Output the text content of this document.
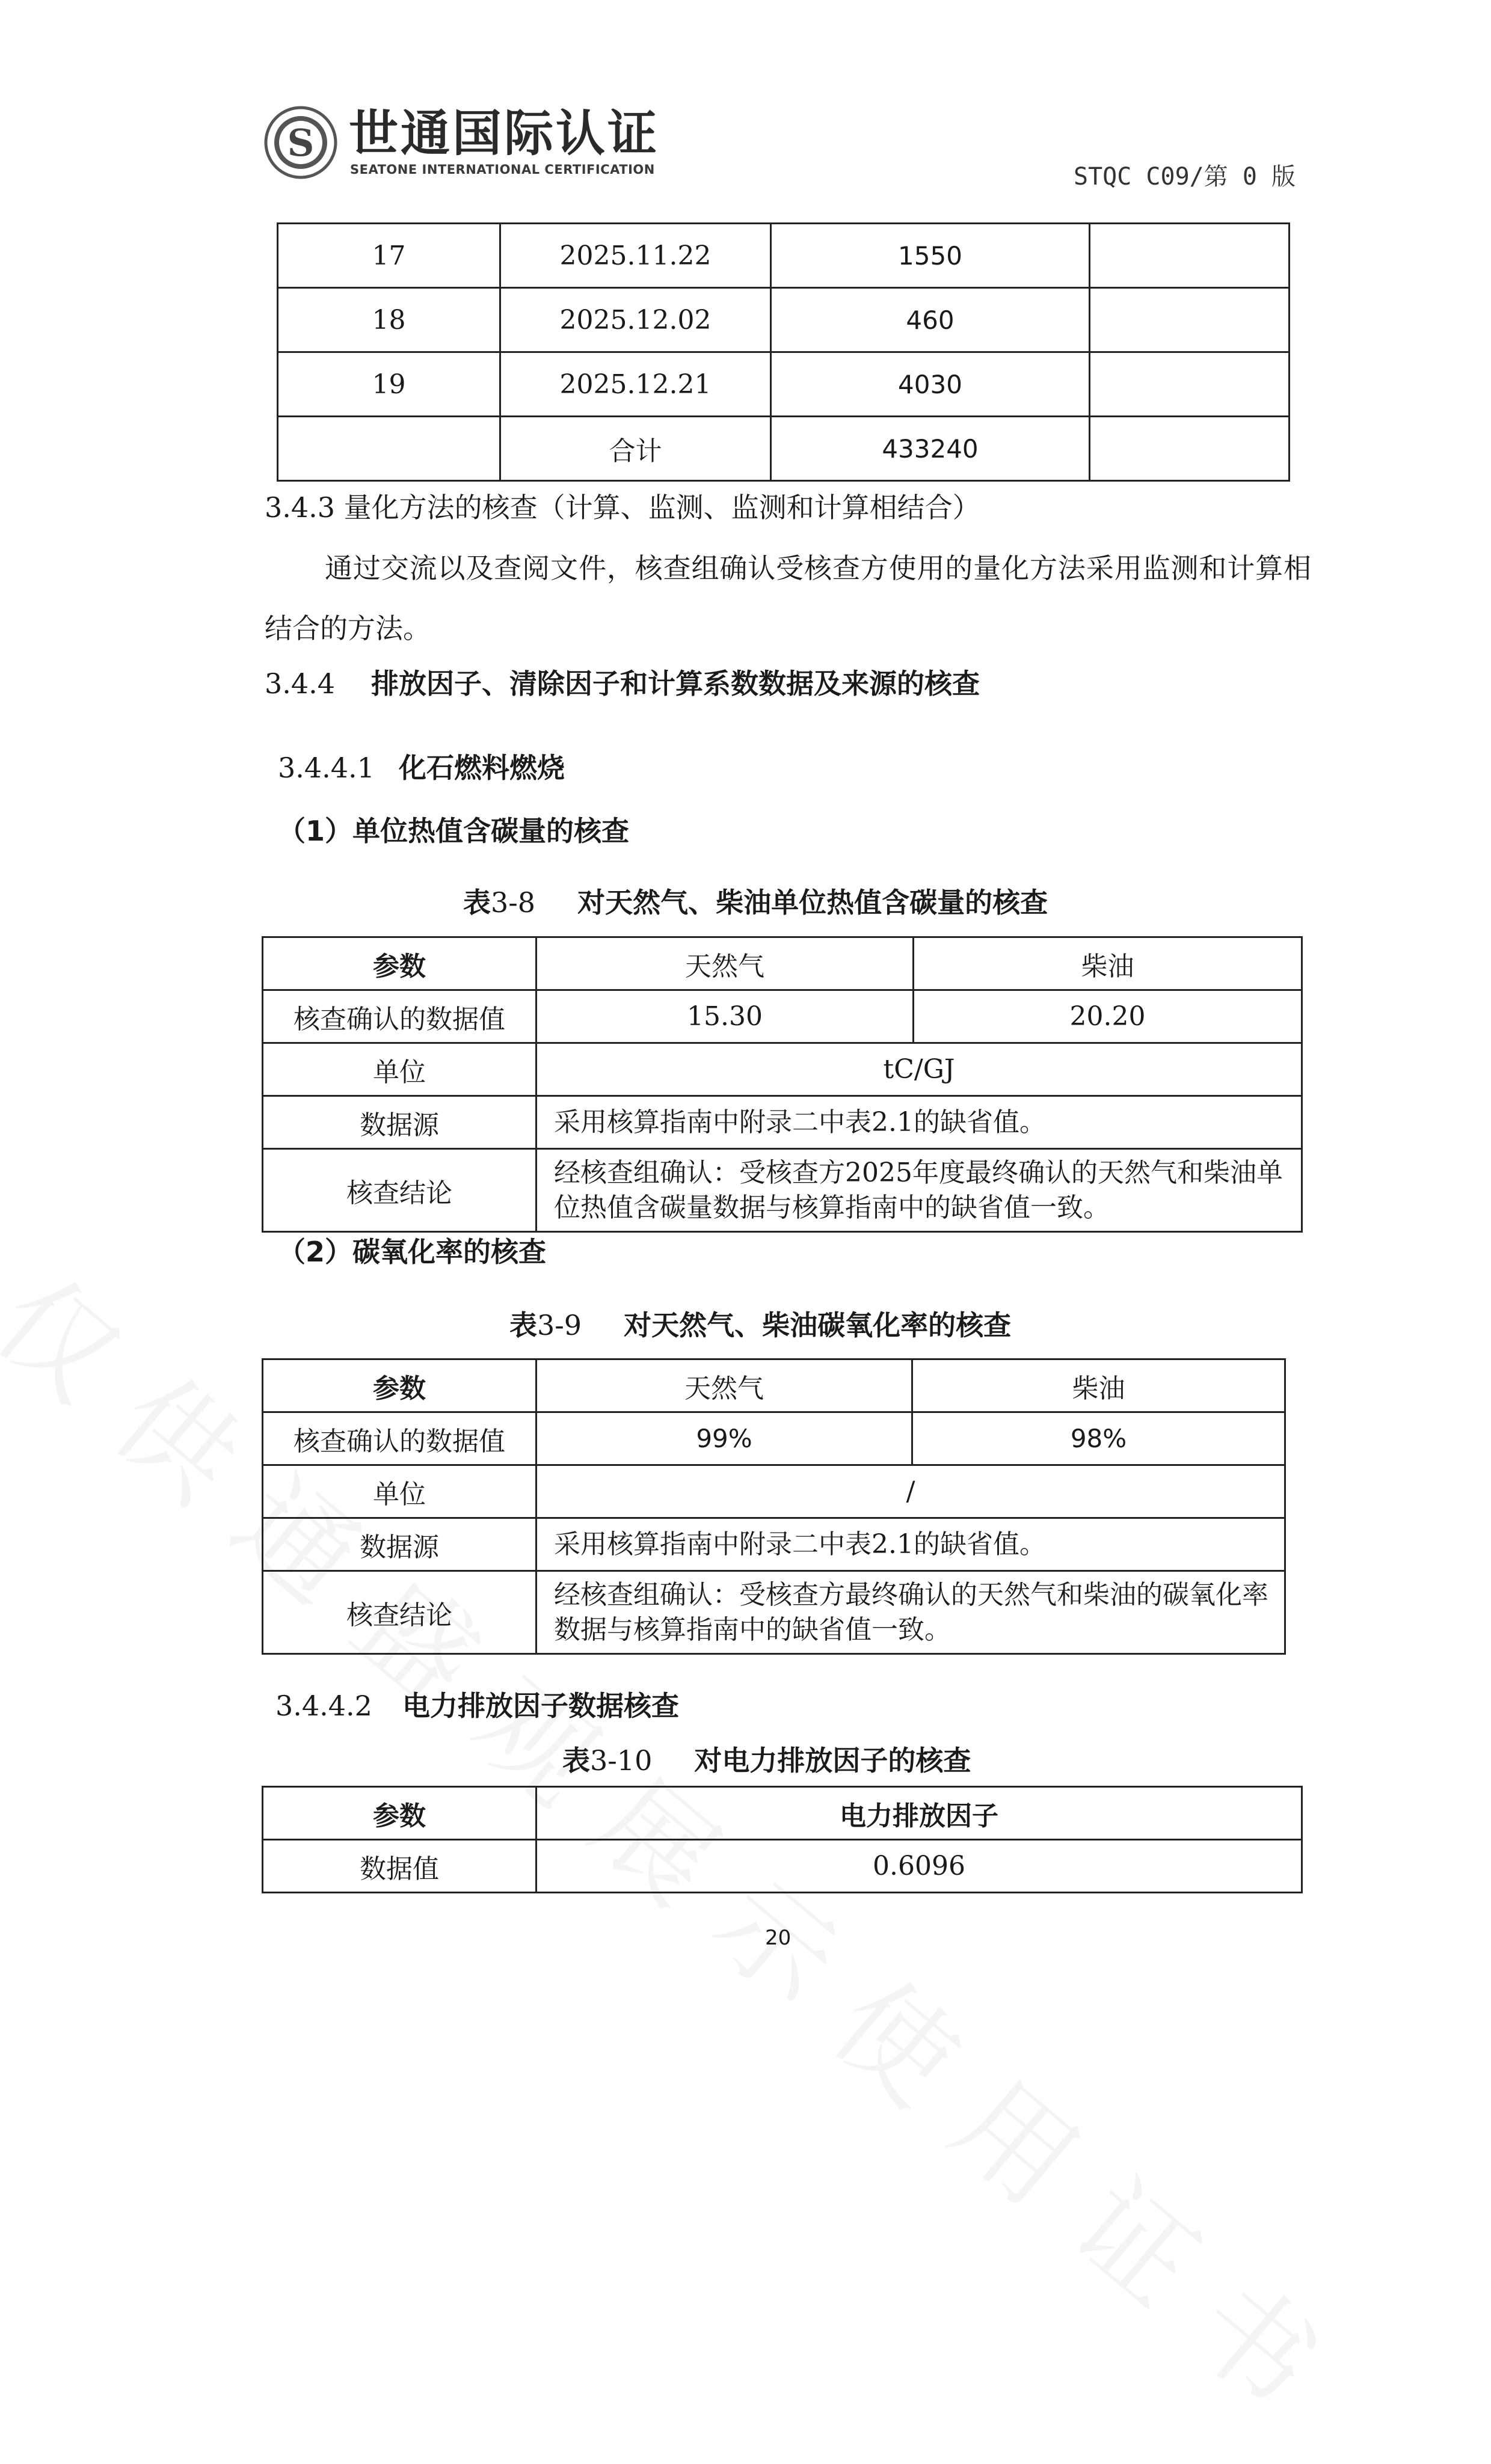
S 世通国际认证
SEATONE INTERNATIONAL CERTIFICATION	STQC C09/第 0 版
17	2025.11.22	1550	
18	2025.12.02	460	
19	2025.12.21	4030	
	合计	433240	
3.4.3 量化方法的核查（计算、监测、监测和计算相结合）
通过交流以及查阅文件，核查组确认受核查方使用的量化方法采用监测和计算相结合的方法。
3.4.4 排放因子、清除因子和计算系数数据及来源的核查
3.4.4.1 化石燃料燃烧
（1）单位热值含碳量的核查
表3-8 对天然气、柴油单位热值含碳量的核查
参数	天然气	柴油
核查确认的数据值	15.30	20.20
单位	tC/GJ	
数据源	采用核算指南中附录二中表2.1的缺省值。	
核查结论	经核查组确认：受核查方2025年度最终确认的天然气和柴油单位热值含碳量数据与核算指南中的缺省值一致。	
（2）碳氧化率的核查
表3-9 对天然气、柴油碳氧化率的核查
参数	天然气	柴油
核查确认的数据值	99%	98%
单位	/	
数据源	采用核算指南中附录二中表2.1的缺省值。	
核查结论	经核查组确认：受核查方最终确认的天然气和柴油的碳氧化率数据与核算指南中的缺省值一致。	
3.4.4.2 电力排放因子数据核查
表3-10 对电力排放因子的核查
参数	电力排放因子
数据值	0.6096
20
